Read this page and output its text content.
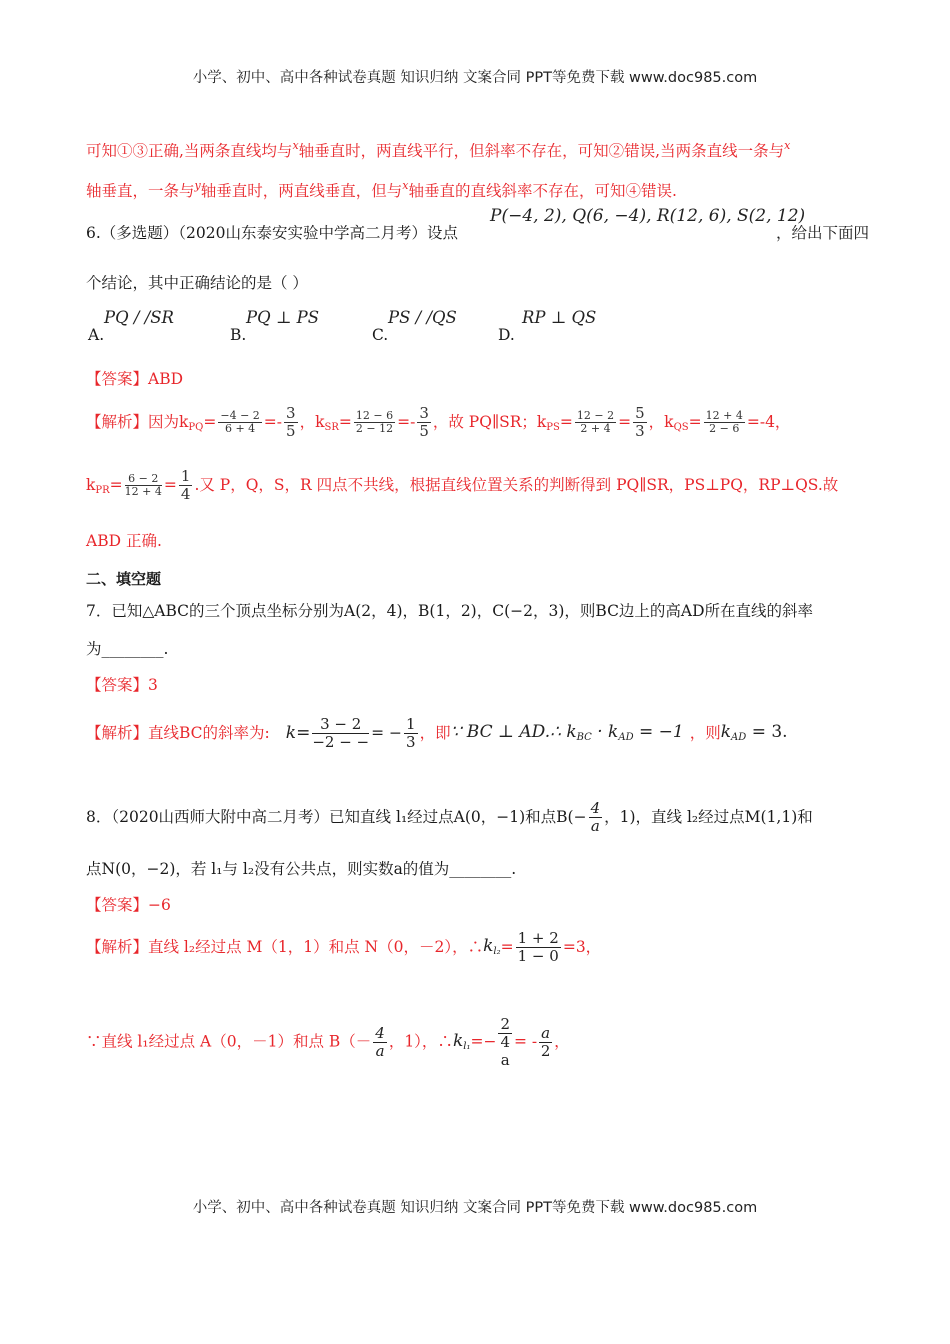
小学、初中、高中各种试卷真题 知识归纳 文案合同 PPT等免费下载 www.doc985.com
可知①③正确,当两条直线均与$^x$轴垂直时，两直线平行，但斜率不存在，可知②错误,当两条直线一条与$^x$
轴垂直，一条与$^y$轴垂直时，两直线垂直，但与$^x$轴垂直的直线斜率不存在，可知④错误.
6.（多选题）（2020山东泰安实验中学高二月考）设点
P(−4, 2), Q(6, −4), R(12, 6), S(2, 12)
，给出下面四
个结论，其中正确结论的是（ ）
A.
PQ / /SR
B.
PQ ⊥ PS
C.
PS / /QS
D.
RP ⊥ QS
【答案】ABD
【解析】因为$k_{PQ}= \frac{-4 - 2}{6 + 4} =- \frac{3}{5}$ ，$k_{SR}= \frac{12 - 6}{2 - 12} =- \frac{3}{5}$ ，故 PQ∥SR；$k_{PS}= \frac{12 - 2}{2 + 4} = \frac{5}{3}$ ，$k_{QS}= \frac{12 + 4}{2 - 6} =-4$，
$k_{PR}= \frac{6 - 2}{12 + 4} = \frac{1}{4}$ .又 P，Q，S，R 四点不共线，根据直线位置关系的判断得到 PQ∥SR，PS⊥PQ，RP⊥QS.故
ABD 正确.
二、填空题
7．已知△ABC的三个顶点坐标分别为A(2，4)，B(1，2)，C(−2，3)，则BC边上的高AD所在直线的斜率
为________.
【答案】3
【解析】直线BC的斜率为: $k= \frac{3 - 2}{-2 - -}$ = − $\frac{1}{3}$ ，即∵ BC ⊥ AD.∴ $k_{BC} \cdot k_{AD} = -1$ ，则$k_{AD} = 3$.
8．（2020山西师大附中高二月考）已知直线 l₁经过点A(0，−1)和点$B(- \frac{4}{a}$ ，1)，直线 l₂经过点M(1,1)和
点N(0，−2)，若 l₁与 l₂没有公共点，则实数a的值为________.
【答案】−6
【解析】直线 l₂经过点 M（1，1）和点 N（0，－2），$\therefore k_{l_2}= \frac{1 + 2}{1 - 0} =3$，
∵直线 l₁经过点 A（0，－1）和点 $B(- \frac{4}{a}$ ，1），$\therefore k_{l_1}=-$
2
4
a
= - $\frac{a}{2}$ ，
小学、初中、高中各种试卷真题 知识归纳 文案合同 PPT等免费下载 www.doc985.com
